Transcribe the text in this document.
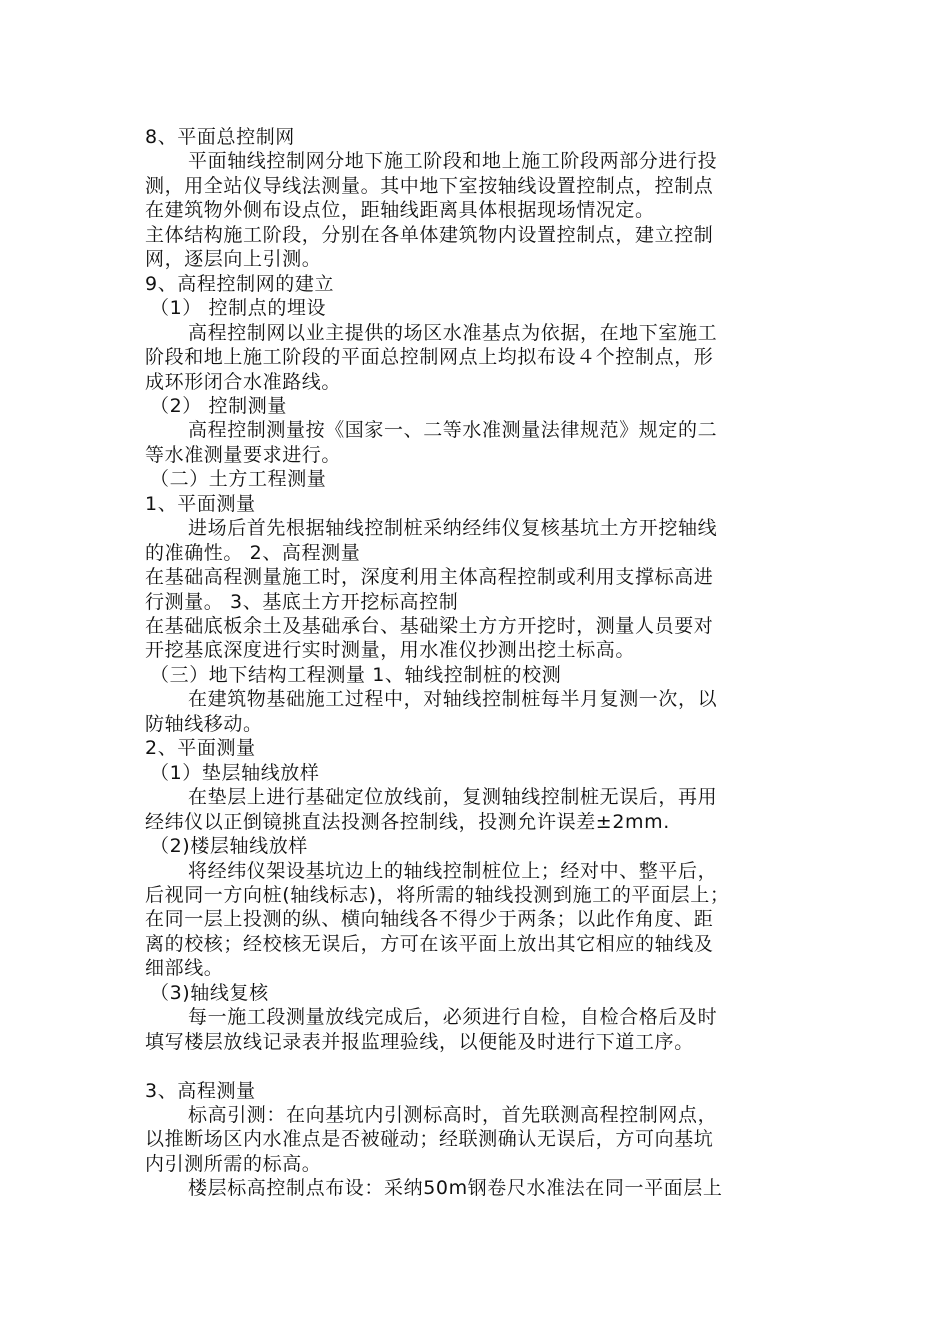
8、平面总控制网
平面轴线控制网分地下施工阶段和地上施工阶段两部分进行投
测，用全站仪导线法测量。其中地下室按轴线设置控制点，控制点
在建筑物外侧布设点位，距轴线距离具体根据现场情况定。
主体结构施工阶段，分别在各单体建筑物内设置控制点，建立控制
网，逐层向上引测。
9、高程控制网的建立
（1） 控制点的埋设
高程控制网以业主提供的场区水准基点为依据，在地下室施工
阶段和地上施工阶段的平面总控制网点上均拟布设４个控制点，形
成环形闭合水准路线。
（2） 控制测量
高程控制测量按《国家一、二等水准测量法律规范》规定的二
等水准测量要求进行。
（二）土方工程测量
1、平面测量
进场后首先根据轴线控制桩采纳经纬仪复核基坑土方开挖轴线
的准确性。 2、高程测量
在基础高程测量施工时，深度利用主体高程控制或利用支撑标高进
行测量。 3、基底土方开挖标高控制
在基础底板余土及基础承台、基础梁土方方开挖时，测量人员要对
开挖基底深度进行实时测量，用水准仪抄测出挖土标高。
（三）地下结构工程测量 1、轴线控制桩的校测
在建筑物基础施工过程中，对轴线控制桩每半月复测一次，以
防轴线移动。
2、平面测量
（1）垫层轴线放样
在垫层上进行基础定位放线前，复测轴线控制桩无误后，再用
经纬仪以正倒镜挑直法投测各控制线，投测允许误差±2mm.
（2)楼层轴线放样
将经纬仪架设基坑边上的轴线控制桩位上；经对中、整平后，
后视同一方向桩(轴线标志)，将所需的轴线投测到施工的平面层上；
在同一层上投测的纵、横向轴线各不得少于两条；以此作角度、距
离的校核；经校核无误后，方可在该平面上放出其它相应的轴线及
细部线。
（3)轴线复核
每一施工段测量放线完成后，必须进行自检，自检合格后及时
填写楼层放线记录表并报监理验线，以便能及时进行下道工序。
3、高程测量
标高引测：在向基坑内引测标高时，首先联测高程控制网点，
以推断场区内水准点是否被碰动；经联测确认无误后，方可向基坑
内引测所需的标高。
楼层标高控制点布设：采纳50m钢卷尺水准法在同一平面层上
